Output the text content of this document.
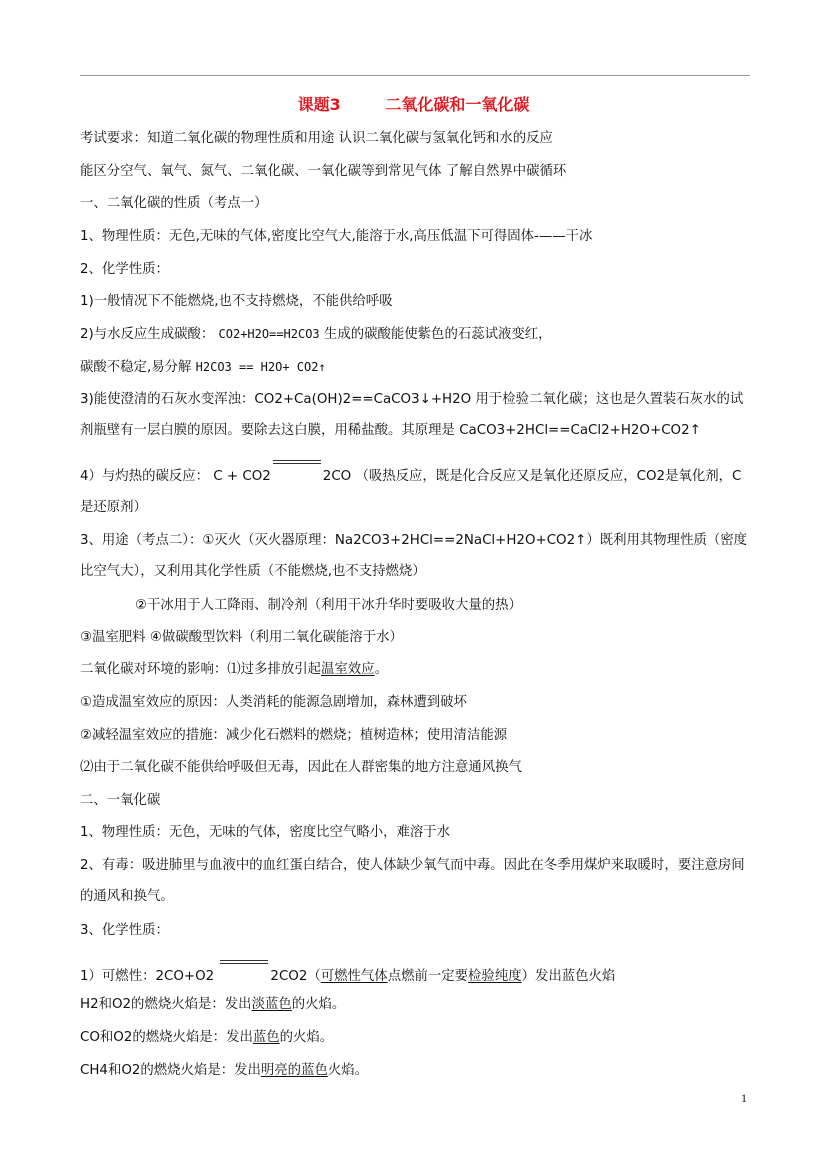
课题3        二氧化碳和一氧化碳
考试要求：知道二氧化碳的物理性质和用途 认识二氧化碳与氢氧化钙和水的反应
能区分空气、氧气、氮气、二氧化碳、一氧化碳等到常见气体 了解自然界中碳循环
一、二氧化碳的性质（考点一）
1、物理性质：无色,无味的气体,密度比空气大,能溶于水,高压低温下可得固体-——干冰
2、化学性质：
1)一般情况下不能燃烧,也不支持燃烧，不能供给呼吸
2)与水反应生成碳酸： CO2+H2O==H2CO3 生成的碳酸能使紫色的石蕊试液变红，
碳酸不稳定,易分解 H2CO3 == H2O+ CO2↑
3)能使澄清的石灰水变浑浊：CO2+Ca(OH)2==CaCO3↓+H2O 用于检验二氧化碳；这也是久置装石灰水的试剂瓶壁有一层白膜的原因。要除去这白膜，用稀盐酸。其原理是 CaCO3+2HCl==CaCl2+H2O+CO2↑
4）与灼热的碳反应： C + CO2	2CO （吸热反应，既是化合反应又是氧化还原反应，CO2是氧化剂，C是还原剂）
3、用途（考点二）：①灭火（灭火器原理：Na2CO3+2HCl==2NaCl+H2O+CO2↑）既利用其物理性质（密度比空气大），又利用其化学性质（不能燃烧,也不支持燃烧）
②干冰用于人工降雨、制冷剂（利用干冰升华时要吸收大量的热）
③温室肥料 ④做碳酸型饮料（利用二氧化碳能溶于水）
二氧化碳对环境的影响：⑴过多排放引起温室效应。
①造成温室效应的原因：人类消耗的能源急剧增加，森林遭到破坏
②减轻温室效应的措施：减少化石燃料的燃烧；植树造林；使用清洁能源
⑵由于二氧化碳不能供给呼吸但无毒，因此在人群密集的地方注意通风换气
二、一氧化碳
1、物理性质：无色，无味的气体，密度比空气略小，难溶于水
2、有毒：吸进肺里与血液中的血红蛋白结合，使人体缺少氧气而中毒。因此在冬季用煤炉来取暖时，要注意房间的通风和换气。
3、化学性质：
1）可燃性：2CO+O2	2CO2（可燃性气体点燃前一定要检验纯度）发出蓝色火焰
H2和O2的燃烧火焰是：发出淡蓝色的火焰。
CO和O2的燃烧火焰是：发出蓝色的火焰。
CH4和O2的燃烧火焰是：发出明亮的蓝色火焰。
1
